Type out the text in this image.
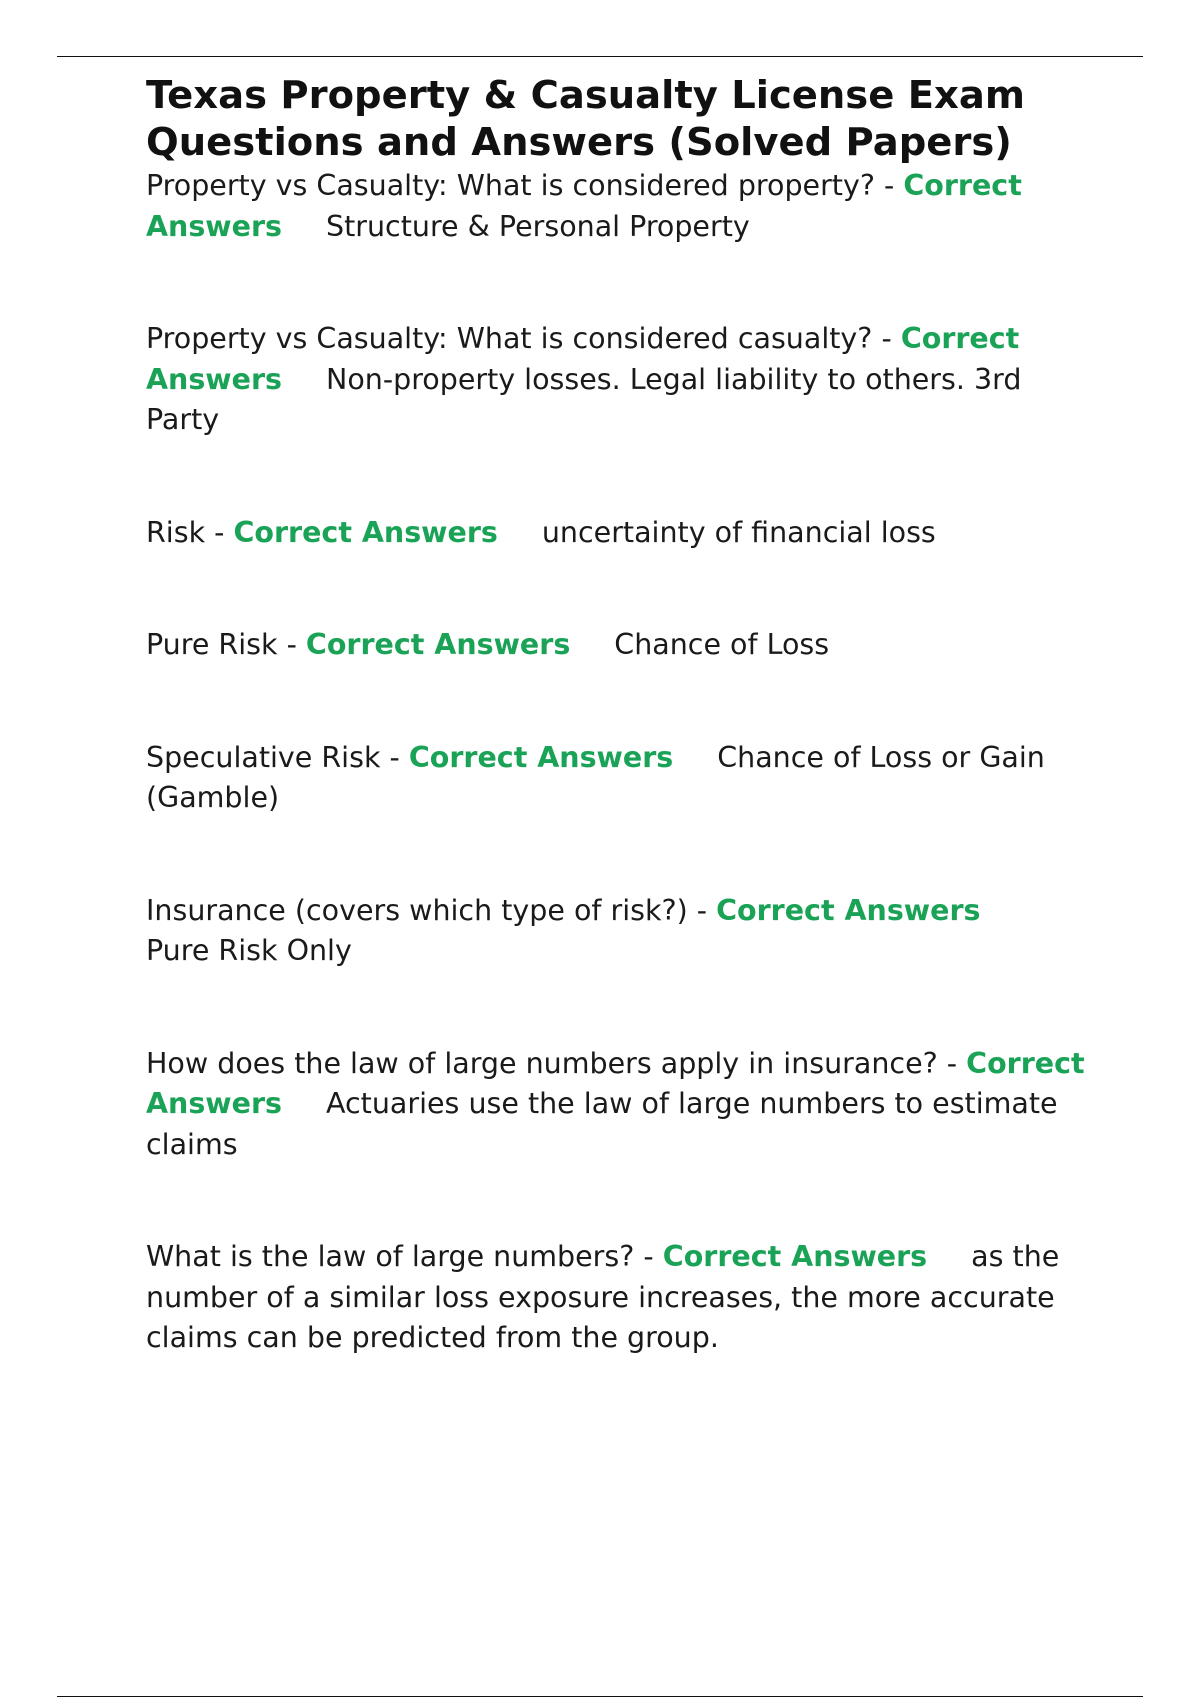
Texas Property & Casualty License Exam Questions and Answers (Solved Papers)

Property vs Casualty: What is considered property? - Correct Answers Structure & Personal Property

Property vs Casualty: What is considered casualty? - Correct Answers Non-property losses. Legal liability to others. 3rd Party

Risk - Correct Answers uncertainty of financial loss

Pure Risk - Correct Answers Chance of Loss

Speculative Risk - Correct Answers Chance of Loss or Gain (Gamble)

Insurance (covers which type of risk?) - Correct AnswersPure Risk Only

How does the law of large numbers apply in insurance? - Correct Answers Actuaries use the law of large numbers to estimate claims

What is the law of large numbers? - Correct Answers as the number of a similar loss exposure increases, the more accurate claims can be predicted from the group.
